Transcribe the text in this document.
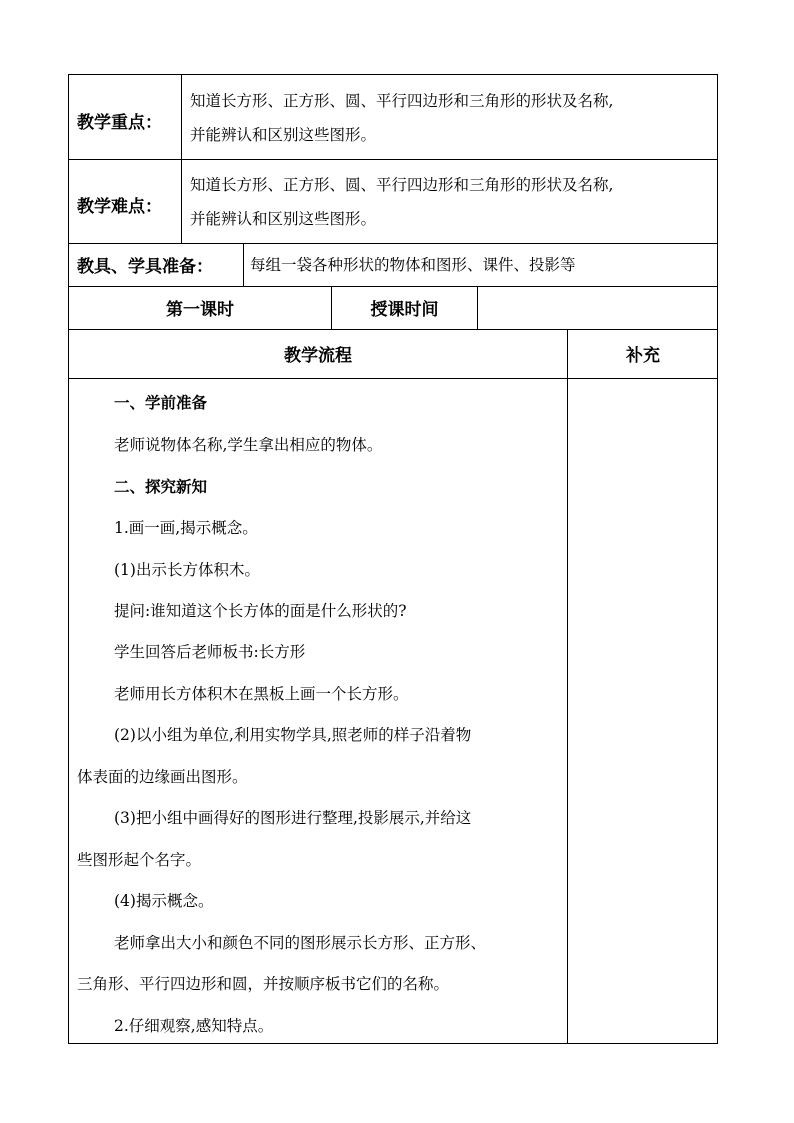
教学重点：
知道长方形、正方形、圆、平行四边形和三角形的形状及名称,
并能辨认和区别这些图形。
教学难点：
知道长方形、正方形、圆、平行四边形和三角形的形状及名称,
并能辨认和区别这些图形。
教具、学具准备：	每组一袋各种形状的物体和图形、课件、投影等
第一课时	授课时间
教学流程	补充
一、学前准备
老师说物体名称,学生拿出相应的物体。
二、探究新知
1.画一画,揭示概念。
(1)出示长方体积木。
提问:谁知道这个长方体的面是什么形状的?
学生回答后老师板书:长方形
老师用长方体积木在黑板上画一个长方形。
(2)以小组为单位,利用实物学具,照老师的样子沿着物
体表面的边缘画出图形。
(3)把小组中画得好的图形进行整理,投影展示,并给这
些图形起个名字。
(4)揭示概念。
老师拿出大小和颜色不同的图形展示长方形、正方形、
三角形、平行四边形和圆，并按顺序板书它们的名称。
2.仔细观察,感知特点。
